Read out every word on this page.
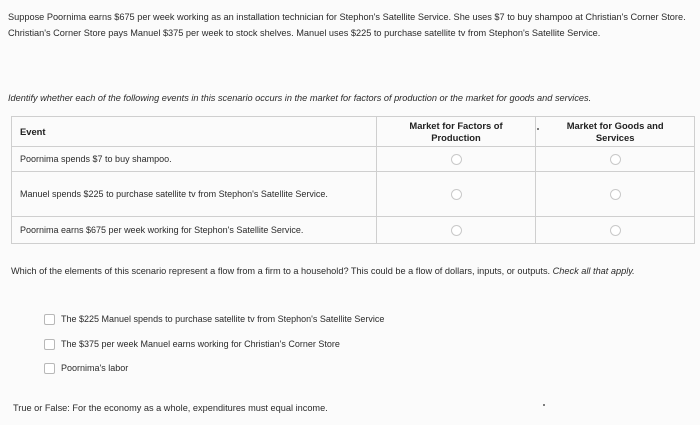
Suppose Poornima earns $675 per week working as an installation technician for Stephon's Satellite Service. She uses $7 to buy shampoo at Christian's Corner Store. Christian's Corner Store pays Manuel $375 per week to stock shelves. Manuel uses $225 to purchase satellite tv from Stephon's Satellite Service.
Identify whether each of the following events in this scenario occurs in the market for factors of production or the market for goods and services.
Event	Market for Factors of Production	Market for Goods and Services

Poornima spends $7 to buy shampoo.		

Manuel spends $225 to purchase satellite tv from Stephon's Satellite Service.		

Poornima earns $675 per week working for Stephon's Satellite Service.		
Which of the elements of this scenario represent a flow from a firm to a household? This could be a flow of dollars, inputs, or outputs. Check all that apply.
The $225 Manuel spends to purchase satellite tv from Stephon's Satellite Service
The $375 per week Manuel earns working for Christian's Corner Store
Poornima's labor
True or False: For the economy as a whole, expenditures must equal income.
